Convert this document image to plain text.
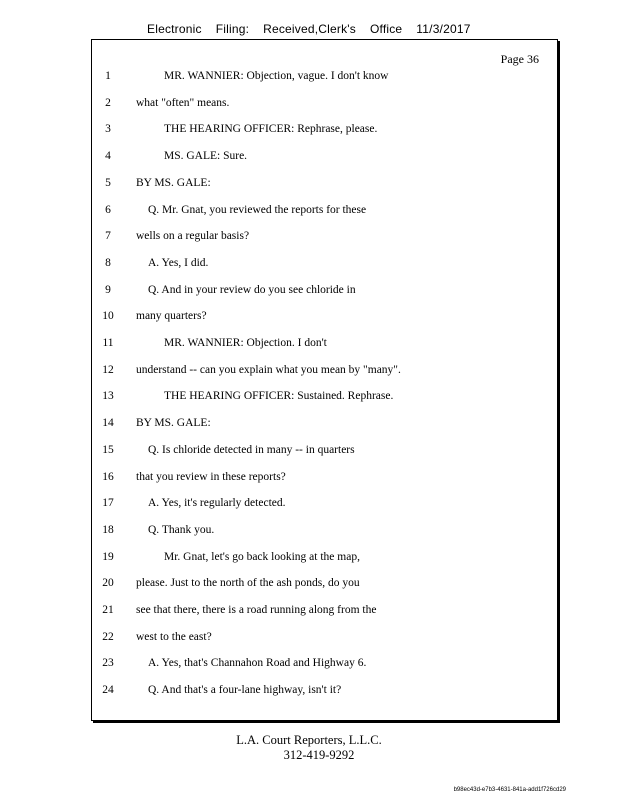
Electronic Filing: Received,Clerk's Office 11/3/2017
Page 36
1	MR. WANNIER: Objection, vague. I don't know
2	what "often" means.
3	THE HEARING OFFICER: Rephrase, please.
4	MS. GALE: Sure.
5	BY MS. GALE:
6	Q. Mr. Gnat, you reviewed the reports for these
7	wells on a regular basis?
8	A. Yes, I did.
9	Q. And in your review do you see chloride in
10	many quarters?
11	MR. WANNIER: Objection. I don't
12	understand -- can you explain what you mean by "many".
13	THE HEARING OFFICER: Sustained. Rephrase.
14	BY MS. GALE:
15	Q. Is chloride detected in many -- in quarters
16	that you review in these reports?
17	A. Yes, it's regularly detected.
18	Q. Thank you.
19	Mr. Gnat, let's go back looking at the map,
20	please. Just to the north of the ash ponds, do you
21	see that there, there is a road running along from the
22	west to the east?
23	A. Yes, that's Channahon Road and Highway 6.
24	Q. And that's a four-lane highway, isn't it?
L.A. Court Reporters, L.L.C.
312-419-9292
b98ec43d-e7b3-4631-841a-add1f726cd29
